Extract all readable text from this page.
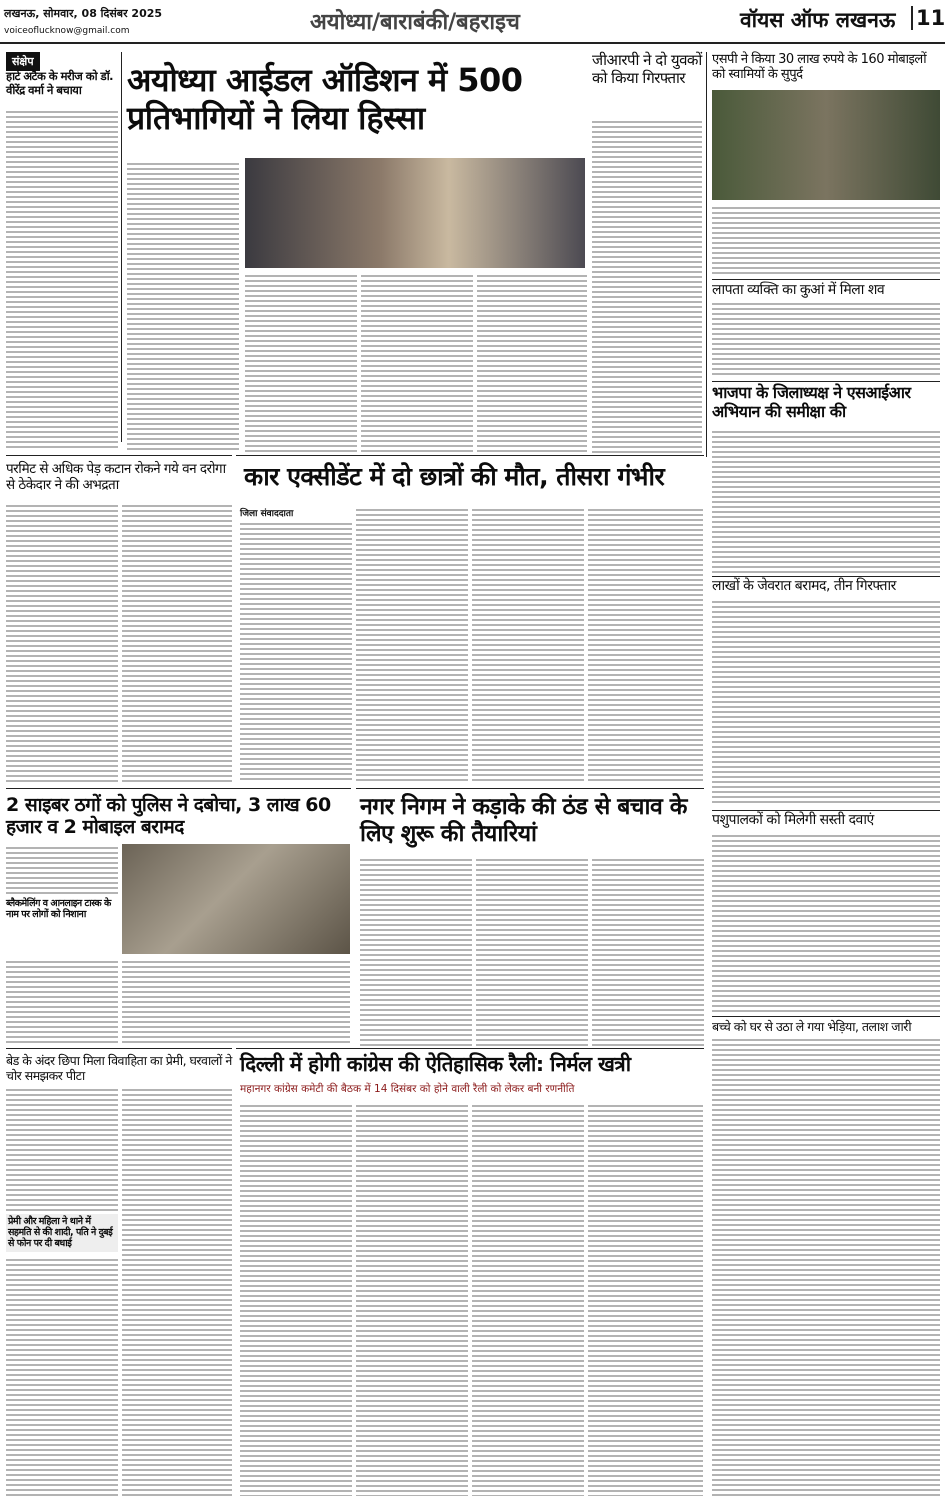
लखनऊ, सोमवार, 08 दिसंबर 2025
voiceoflucknow@gmail.com	अयोध्या/बाराबंकी/बहराइच	वॉयस ऑफ लखनऊ 11
संक्षेप
हार्ट अटैक के मरीज को डॉ. वीरेंद्र वर्मा ने बचाया
परमिट से अधिक पेड़ कटान रोकने गये वन दरोगा से ठेकेदार ने की अभद्रता
2 साइबर ठगों को पुलिस ने दबोचा, 3 लाख 60 हजार व 2 मोबाइल बरामद
ब्लैकमेलिंग व आनलाइन टास्क के नाम पर लोगों को निशाना
बेड के अंदर छिपा मिला विवाहिता का प्रेमी, घरवालों ने चोर समझकर पीटा
प्रेमी और महिला ने थाने में सहमति से की शादी, पति ने दुबई से फोन पर दी बधाई
अयोध्या आईडल ऑडिशन में 500 प्रतिभागियों ने लिया हिस्सा
जीआरपी ने दो युवकों को किया गिरफ्तार
कार एक्सीडेंट में दो छात्रों की मौत, तीसरा गंभीर
जिला संवाददाता
नगर निगम ने कड़ाके की ठंड से बचाव के लिए शुरू की तैयारियां
दिल्ली में होगी कांग्रेस की ऐतिहासिक रैली: निर्मल खत्री
महानगर कांग्रेस कमेटी की बैठक में 14 दिसंबर को होने वाली रैली को लेकर बनी रणनीति
एसपी ने किया 30 लाख रुपये के 160 मोबाइलों को स्वामियों के सुपुर्द
लापता व्यक्ति का कुआं में मिला शव
भाजपा के जिलाध्यक्ष ने एसआईआर अभियान की समीक्षा की
लाखों के जेवरात बरामद, तीन गिरफ्तार
पशुपालकों को मिलेगी सस्ती दवाएं
बच्चे को घर से उठा ले गया भेड़िया, तलाश जारी
